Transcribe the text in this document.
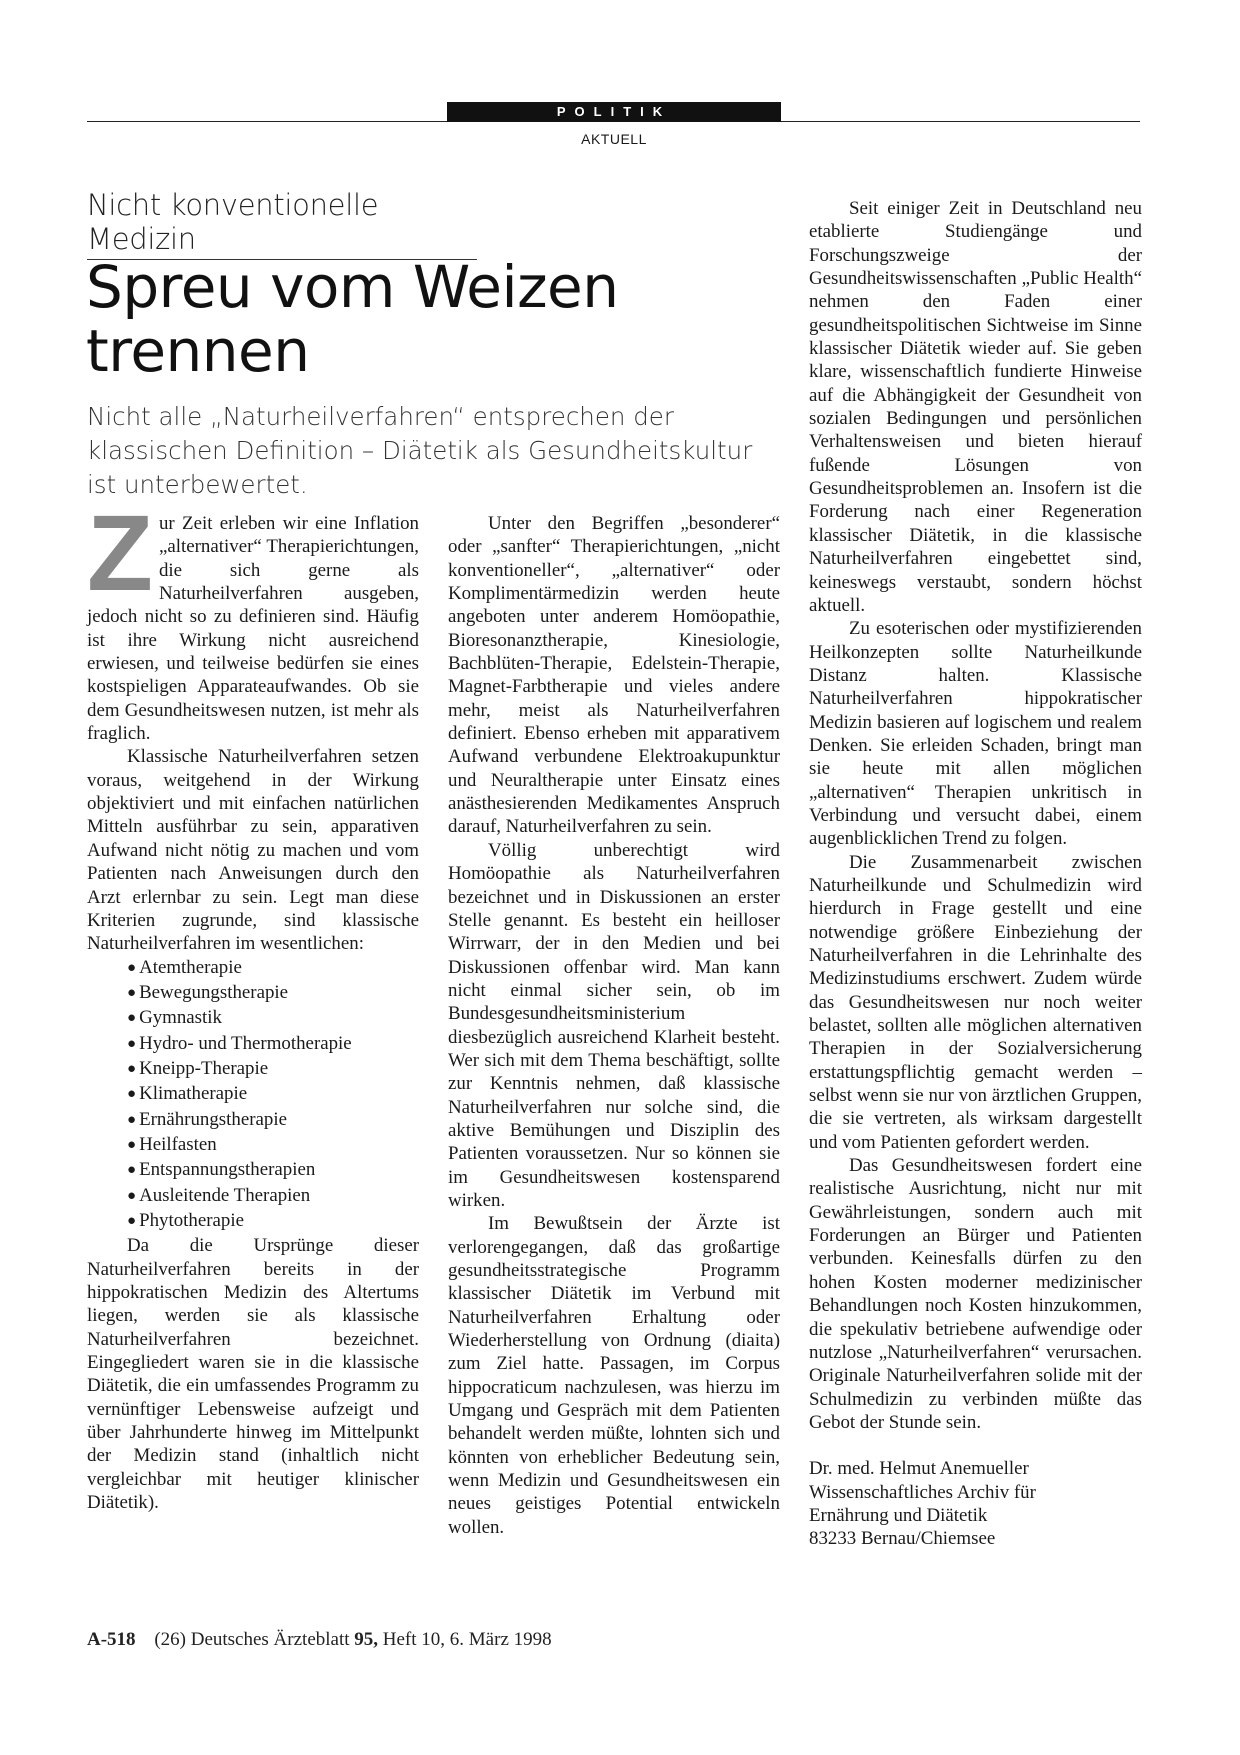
POLITIK
AKTUELL
Nicht konventionelle Medizin
Spreu vom Weizen
trennen

Nicht alle „Naturheilverfahren“ entsprechen der klassischen Definition – Diätetik als Gesundheitskultur ist unterbewertet.

Zur Zeit erleben wir eine Inflation „alternativer“ Therapierichtungen, die sich gerne als Naturheilverfahren ausgeben, jedoch nicht so zu definieren sind. Häufig ist ihre Wirkung nicht ausreichend erwiesen, und teilweise bedürfen sie eines kostspieligen Apparateaufwandes. Ob sie dem Gesundheitswesen nutzen, ist mehr als fraglich.

Klassische Naturheilverfahren setzen voraus, weitgehend in der Wirkung objektiviert und mit einfachen natürlichen Mitteln ausführbar zu sein, apparativen Aufwand nicht nötig zu machen und vom Patienten nach Anweisungen durch den Arzt erlernbar zu sein. Legt man diese Kriterien zugrunde, sind klassische Naturheilverfahren im wesentlichen:

● Atemtherapie
● Bewegungstherapie
● Gymnastik
● Hydro- und Thermotherapie
● Kneipp-Therapie
● Klimatherapie
● Ernährungstherapie
● Heilfasten
● Entspannungstherapien
● Ausleitende Therapien
● Phytotherapie

Da die Ursprünge dieser Naturheilverfahren bereits in der hippokratischen Medizin des Altertums liegen, werden sie als klassische Naturheilverfahren bezeichnet. Eingegliedert waren sie in die klassische Diätetik, die ein umfassendes Programm zu vernünftiger Lebensweise aufzeigt und über Jahrhunderte hinweg im Mittelpunkt der Medizin stand (inhaltlich nicht vergleichbar mit heutiger klinischer Diätetik).

Unter den Begriffen „besonderer“ oder „sanfter“ Therapierichtungen, „nicht konventioneller“, „alternativer“ oder Komplimentärmedizin werden heute angeboten unter anderem Homöopathie, Bioresonanztherapie, Kinesiologie, Bachblüten-Therapie, Edelstein-Therapie, Magnet-Farbtherapie und vieles andere mehr, meist als Naturheilverfahren definiert. Ebenso erheben mit apparativem Aufwand verbundene Elektroakupunktur und Neuraltherapie unter Einsatz eines anästhesierenden Medikamentes Anspruch darauf, Naturheilverfahren zu sein.

Völlig unberechtigt wird Homöopathie als Naturheilverfahren bezeichnet und in Diskussionen an erster Stelle genannt. Es besteht ein heilloser Wirrwarr, der in den Medien und bei Diskussionen offenbar wird. Man kann nicht einmal sicher sein, ob im Bundesgesundheitsministerium diesbezüglich ausreichend Klarheit besteht. Wer sich mit dem Thema beschäftigt, sollte zur Kenntnis nehmen, daß klassische Naturheilverfahren nur solche sind, die aktive Bemühungen und Disziplin des Patienten voraussetzen. Nur so können sie im Gesundheitswesen kostensparend wirken.

Im Bewußtsein der Ärzte ist verlorengegangen, daß das großartige gesundheitsstrategische Programm klassischer Diätetik im Verbund mit Naturheilverfahren Erhaltung oder Wiederherstellung von Ordnung (diaita) zum Ziel hatte. Passagen, im Corpus hippocraticum nachzulesen, was hierzu im Umgang und Gespräch mit dem Patienten behandelt werden müßte, lohnten sich und könnten von erheblicher Bedeutung sein, wenn Medizin und Gesundheitswesen ein neues geistiges Potential entwickeln wollen.

Seit einiger Zeit in Deutschland neu etablierte Studiengänge und Forschungszweige der Gesundheitswissenschaften „Public Health“ nehmen den Faden einer gesundheitspolitischen Sichtweise im Sinne klassischer Diätetik wieder auf. Sie geben klare, wissenschaftlich fundierte Hinweise auf die Abhängigkeit der Gesundheit von sozialen Bedingungen und persönlichen Verhaltensweisen und bieten hierauf fußende Lösungen von Gesundheitsproblemen an. Insofern ist die Forderung nach einer Regeneration klassischer Diätetik, in die klassische Naturheilverfahren eingebettet sind, keineswegs verstaubt, sondern höchst aktuell.

Zu esoterischen oder mystifizierenden Heilkonzepten sollte Naturheilkunde Distanz halten. Klassische Naturheilverfahren hippokratischer Medizin basieren auf logischem und realem Denken. Sie erleiden Schaden, bringt man sie heute mit allen möglichen „alternativen“ Therapien unkritisch in Verbindung und versucht dabei, einem augenblicklichen Trend zu folgen.

Die Zusammenarbeit zwischen Naturheilkunde und Schulmedizin wird hierdurch in Frage gestellt und eine notwendige größere Einbeziehung der Naturheilverfahren in die Lehrinhalte des Medizinstudiums erschwert. Zudem würde das Gesundheitswesen nur noch weiter belastet, sollten alle möglichen alternativen Therapien in der Sozialversicherung erstattungspflichtig gemacht werden – selbst wenn sie nur von ärztlichen Gruppen, die sie vertreten, als wirksam dargestellt und vom Patienten gefordert werden.

Das Gesundheitswesen fordert eine realistische Ausrichtung, nicht nur mit Gewährleistungen, sondern auch mit Forderungen an Bürger und Patienten verbunden. Keinesfalls dürfen zu den hohen Kosten moderner medizinischer Behandlungen noch Kosten hinzukommen, die spekulativ betriebene aufwendige oder nutzlose „Naturheilverfahren“ verursachen. Originale Naturheilverfahren solide mit der Schulmedizin zu verbinden müßte das Gebot der Stunde sein.

Dr. med. Helmut Anemueller
Wissenschaftliches Archiv für
Ernährung und Diätetik
83233 Bernau/Chiemsee
A-518 (26) Deutsches Ärzteblatt 95, Heft 10, 6. März 1998
